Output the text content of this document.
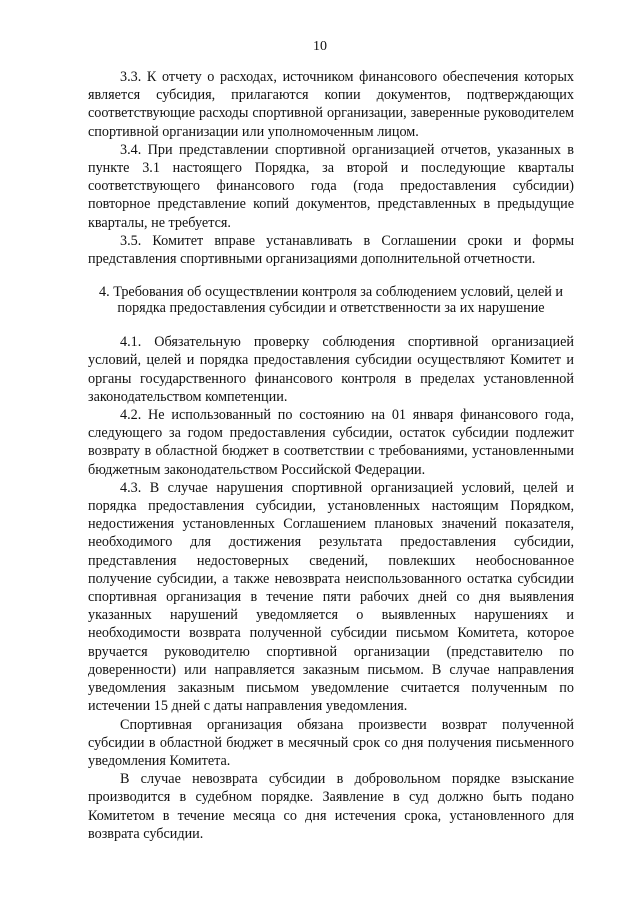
10

3.3. К отчету о расходах, источником финансового обеспечения которых является субсидия, прилагаются копии документов, подтверждающих соответствующие расходы спортивной организации, заверенные руководителем спортивной организации или уполномоченным лицом.

3.4. При представлении спортивной организацией отчетов, указанных в пункте 3.1 настоящего Порядка, за второй и последующие кварталы соответствующего финансового года (года предоставления субсидии) повторное представление копий документов, представленных в предыдущие кварталы, не требуется.

3.5. Комитет вправе устанавливать в Соглашении сроки и формы представления спортивными организациями дополнительной отчетности.

4. Требования об осуществлении контроля за соблюдением условий, целей и порядка предоставления субсидии и ответственности за их нарушение

4.1. Обязательную проверку соблюдения спортивной организацией условий, целей и порядка предоставления субсидии осуществляют Комитет и органы государственного финансового контроля в пределах установленной законодательством компетенции.

4.2. Не использованный по состоянию на 01 января финансового года, следующего за годом предоставления субсидии, остаток субсидии подлежит возврату в областной бюджет в соответствии с требованиями, установленными бюджетным законодательством Российской Федерации.

4.3. В случае нарушения спортивной организацией условий, целей и порядка предоставления субсидии, установленных настоящим Порядком, недостижения установленных Соглашением плановых значений показателя, необходимого для достижения результата предоставления субсидии, представления недостоверных сведений, повлекших необоснованное получение субсидии, а также невозврата неиспользованного остатка субсидии спортивная организация в течение пяти рабочих дней со дня выявления указанных нарушений уведомляется о выявленных нарушениях и необходимости возврата полученной субсидии письмом Комитета, которое вручается руководителю спортивной организации (представителю по доверенности) или направляется заказным письмом. В случае направления уведомления заказным письмом уведомление считается полученным по истечении 15 дней с даты направления уведомления.

Спортивная организация обязана произвести возврат полученной субсидии в областной бюджет в месячный срок со дня получения письменного уведомления Комитета.

В случае невозврата субсидии в добровольном порядке взыскание производится в судебном порядке. Заявление в суд должно быть подано Комитетом в течение месяца со дня истечения срока, установленного для возврата субсидии.
